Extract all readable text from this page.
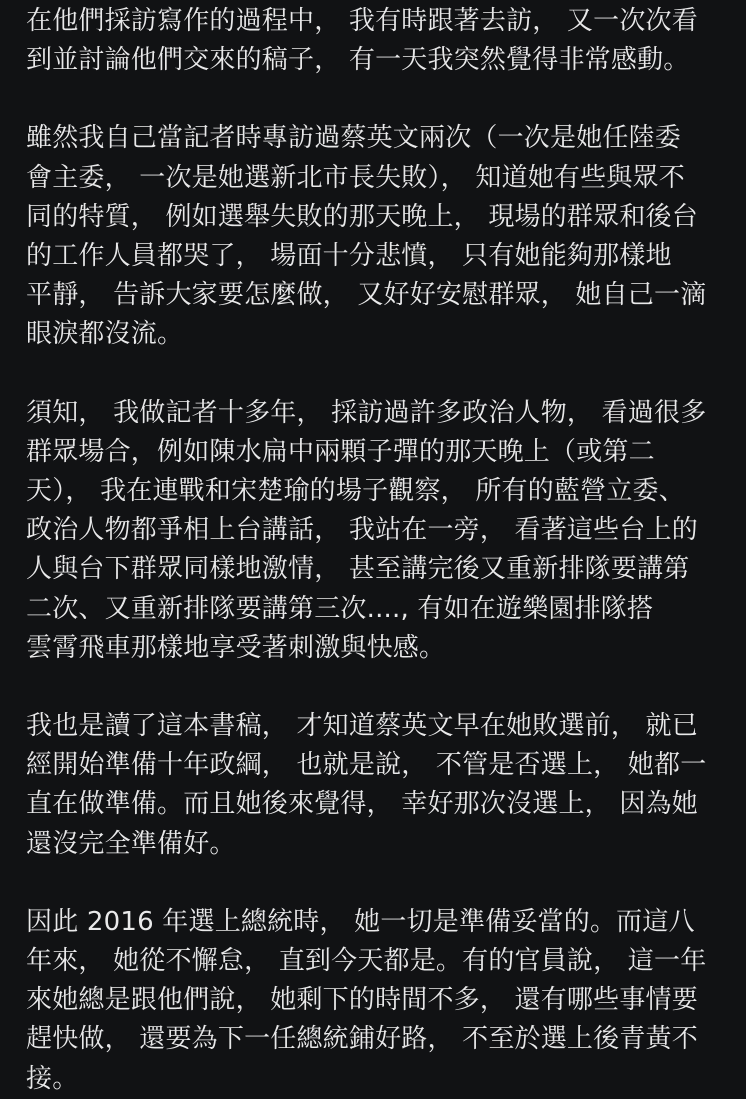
在他們採訪寫作的過程中， 我有時跟著去訪， 又一次次看
到並討論他們交來的稿子， 有一天我突然覺得非常感動。

雖然我自己當記者時專訪過蔡英文兩次（一次是她任陸委
會主委， 一次是她選新北市長失敗）， 知道她有些與眾不
同的特質， 例如選舉失敗的那天晚上， 現場的群眾和後台
的工作人員都哭了， 場面十分悲憤， 只有她能夠那樣地
平靜， 告訴大家要怎麼做， 又好好安慰群眾， 她自己一滴
眼淚都沒流。

須知， 我做記者十多年， 採訪過許多政治人物， 看過很多
群眾場合，例如陳水扁中兩顆子彈的那天晚上（或第二
天）， 我在連戰和宋楚瑜的場子觀察， 所有的藍營立委、
政治人物都爭相上台講話， 我站在一旁， 看著這些台上的
人與台下群眾同樣地激情， 甚至講完後又重新排隊要講第
二次、又重新排隊要講第三次...., 有如在遊樂園排隊搭
雲霄飛車那樣地享受著刺激與快感。

我也是讀了這本書稿， 才知道蔡英文早在她敗選前， 就已
經開始準備十年政綱， 也就是說， 不管是否選上， 她都一
直在做準備。而且她後來覺得， 幸好那次沒選上， 因為她
還沒完全準備好。

因此 2016 年選上總統時， 她一切是準備妥當的。而這八
年來， 她從不懈怠， 直到今天都是。有的官員說， 這一年
來她總是跟他們說， 她剩下的時間不多， 還有哪些事情要
趕快做， 還要為下一任總統鋪好路， 不至於選上後青黃不
接。
